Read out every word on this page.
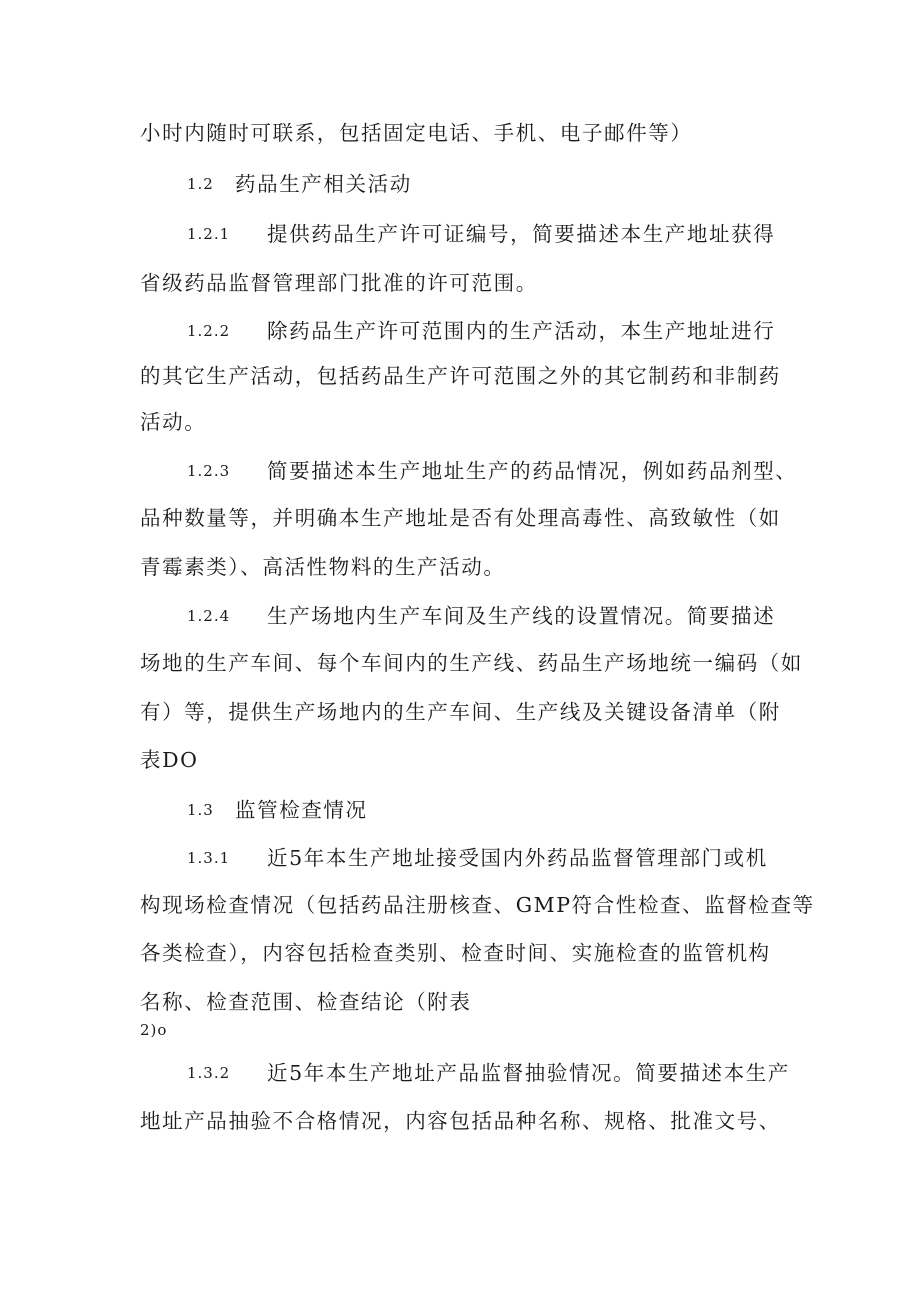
小时内随时可联系，包括固定电话、手机、电子邮件等）
1.2 药品生产相关活动
1.2.1 提供药品生产许可证编号，简要描述本生产地址获得
省级药品监督管理部门批准的许可范围。
1.2.2 除药品生产许可范围内的生产活动，本生产地址进行
的其它生产活动，包括药品生产许可范围之外的其它制药和非制药
活动。
1.2.3 简要描述本生产地址生产的药品情况，例如药品剂型、
品种数量等，并明确本生产地址是否有处理高毒性、高致敏性（如
青霉素类）、高活性物料的生产活动。
1.2.4 生产场地内生产车间及生产线的设置情况。简要描述
场地的生产车间、每个车间内的生产线、药品生产场地统一编码（如
有）等，提供生产场地内的生产车间、生产线及关键设备清单（附
表DO
1.3 监管检查情况
1.3.1 近5年本生产地址接受国内外药品监督管理部门或机
构现场检查情况（包括药品注册核查、GMP符合性检查、监督检查等
各类检查），内容包括检查类别、检查时间、实施检查的监管机构
名称、检查范围、检查结论（附表
2)o
1.3.2 近5年本生产地址产品监督抽验情况。简要描述本生产
地址产品抽验不合格情况，内容包括品种名称、规格、批准文号、
